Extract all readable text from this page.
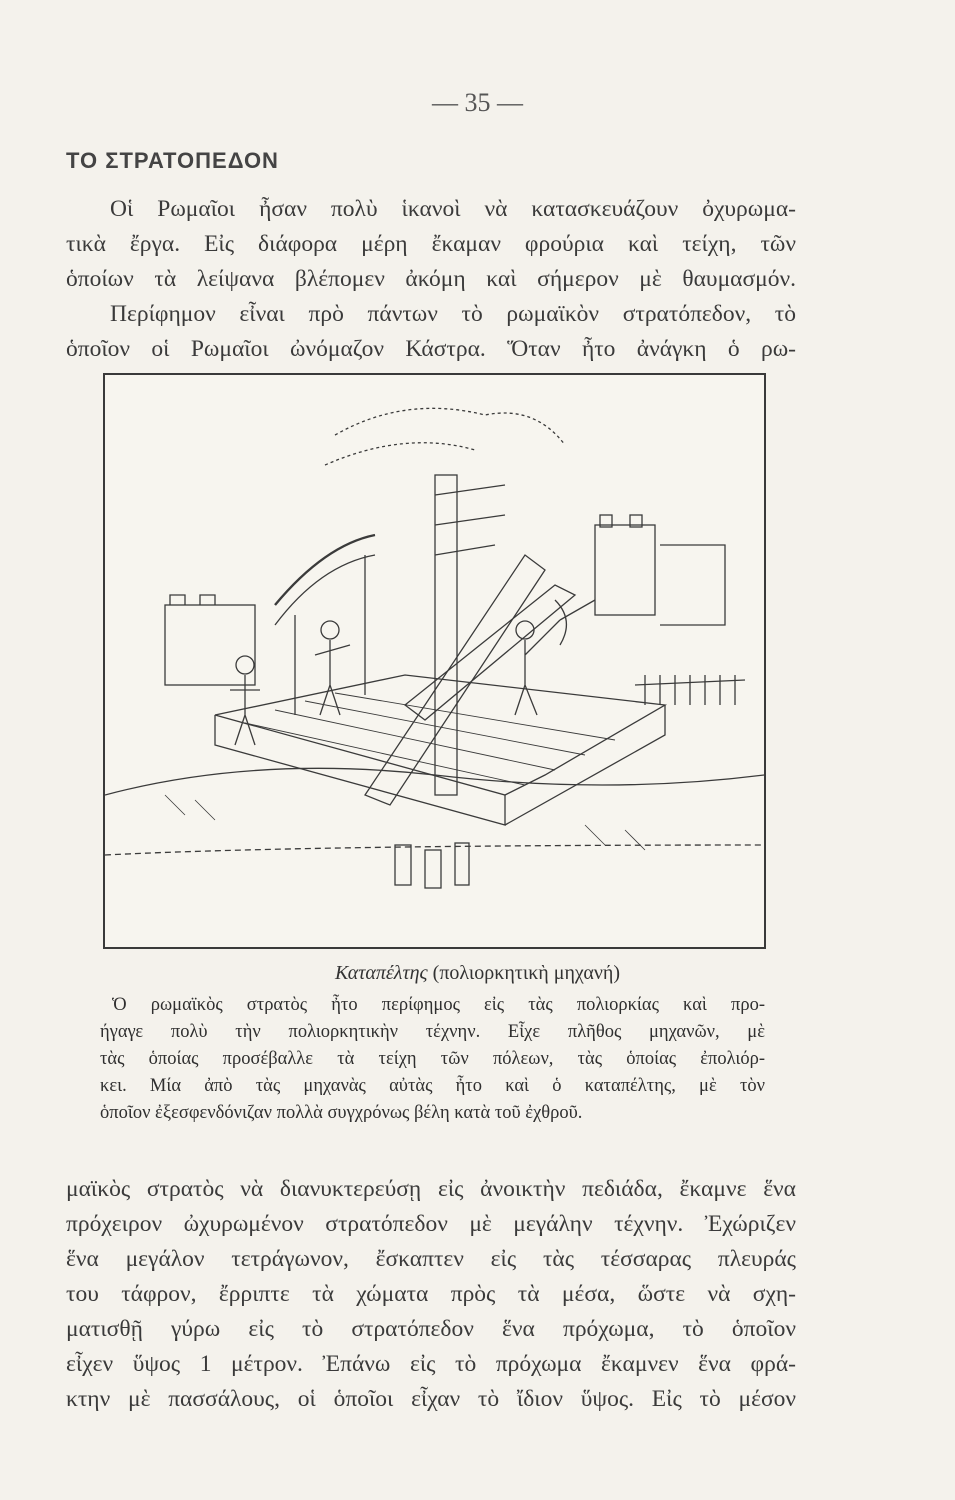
— 35 —
ΤΟ ΣΤΡΑΤΟΠΕΔΟΝ
Οἱ Ρωμαῖοι ἦσαν πολὺ ἱκανοὶ νὰ κατασκευάζουν ὀχυρωμα-
τικὰ ἔργα. Εἰς διάφορα μέρη ἔκαμαν φρούρια καὶ τείχη, τῶν
ὁποίων τὰ λείψανα βλέπομεν ἀκόμη καὶ σήμερον μὲ θαυμασμόν.
Περίφημον εἶναι πρὸ πάντων τὸ ρωμαϊκὸν στρατόπεδον, τὸ
ὁποῖον οἱ Ρωμαῖοι ὠνόμαζον Κάστρα. Ὅταν ἦτο ἀνάγκη ὁ ρω-
Καταπέλτης (πολιορκητικὴ μηχανή)
Ὁ ρωμαϊκὸς στρατὸς ἦτο περίφημος εἰς τὰς πολιορκίας καὶ προ-
ήγαγε πολὺ τὴν πολιορκητικὴν τέχνην. Εἶχε πλῆθος μηχανῶν, μὲ
τὰς ὁποίας προσέβαλλε τὰ τείχη τῶν πόλεων, τὰς ὁποίας ἐπολιόρ-
κει. Μία ἀπὸ τὰς μηχανὰς αὐτὰς ἦτο καὶ ὁ καταπέλτης, μὲ τὸν
ὁποῖον ἐξεσφενδόνιζαν πολλὰ συγχρόνως βέλη κατὰ τοῦ ἐχθροῦ.
μαϊκὸς στρατὸς νὰ διανυκτερεύσῃ εἰς ἀνοικτὴν πεδιάδα, ἔκαμνε ἕνα
πρόχειρον ὠχυρωμένον στρατόπεδον μὲ μεγάλην τέχνην. Ἐχώριζεν
ἕνα μεγάλον τετράγωνον, ἔσκαπτεν εἰς τὰς τέσσαρας πλευράς
του τάφρον, ἔρριπτε τὰ χώματα πρὸς τὰ μέσα, ὥστε νὰ σχη-
ματισθῇ γύρω εἰς τὸ στρατόπεδον ἕνα πρόχωμα, τὸ ὁποῖον
εἶχεν ὕψος 1 μέτρον. Ἐπάνω εἰς τὸ πρόχωμα ἔκαμνεν ἕνα φρά-
κτην μὲ πασσάλους, οἱ ὁποῖοι εἶχαν τὸ ἴδιον ὕψος. Εἰς τὸ μέσον
